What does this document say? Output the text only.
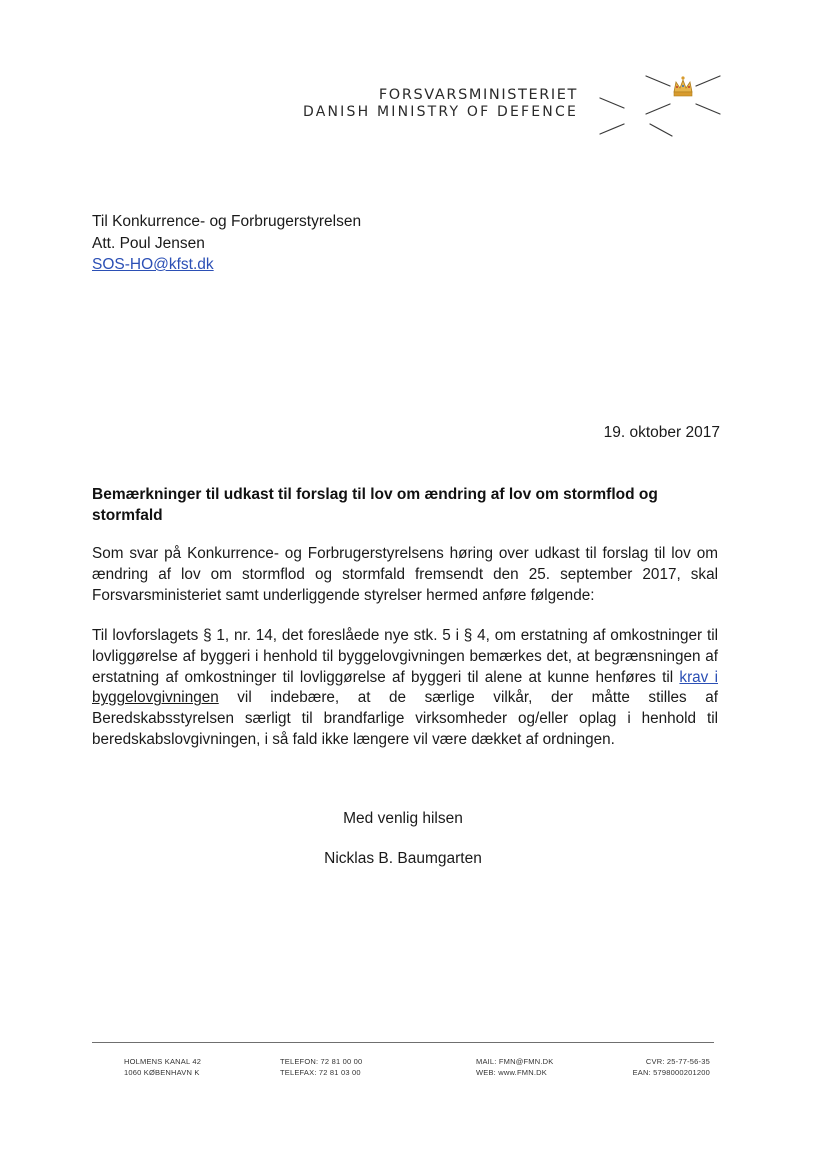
FORSVARSMINISTERIET
DANISH MINISTRY OF DEFENCE
Til Konkurrence- og Forbrugerstyrelsen
Att. Poul Jensen
SOS-HO@kfst.dk
19. oktober 2017
Bemærkninger til udkast til forslag til lov om ændring af lov om stormflod og stormfald
Som svar på Konkurrence- og Forbrugerstyrelsens høring over udkast til forslag til lov om ændring af lov om stormflod og stormfald fremsendt den 25. september 2017, skal Forsvarsministeriet samt underliggende styrelser hermed anføre følgende:
Til lovforslagets § 1, nr. 14, det foreslåede nye stk. 5 i § 4, om erstatning af omkostninger til lovliggørelse af byggeri i henhold til byggelovgivningen bemærkes det, at begrænsningen af erstatning af omkostninger til lovliggørelse af byggeri til alene at kunne henføres til krav i byggelovgivningen vil indebære, at de særlige vilkår, der måtte stilles af Beredskabsstyrelsen særligt til brandfarlige virksomheder og/eller oplag i henhold til beredskabslovgivningen, i så fald ikke længere vil være dækket af ordningen.
Med venlig hilsen
Nicklas B. Baumgarten
HOLMENS KANAL 42
1060 KØBENHAVN K
TELEFON: 72 81 00 00
TELEFAX: 72 81 03 00
MAIL: FMN@FMN.DK
WEB: www.FMN.DK
CVR: 25-77-56-35
EAN: 5798000201200
